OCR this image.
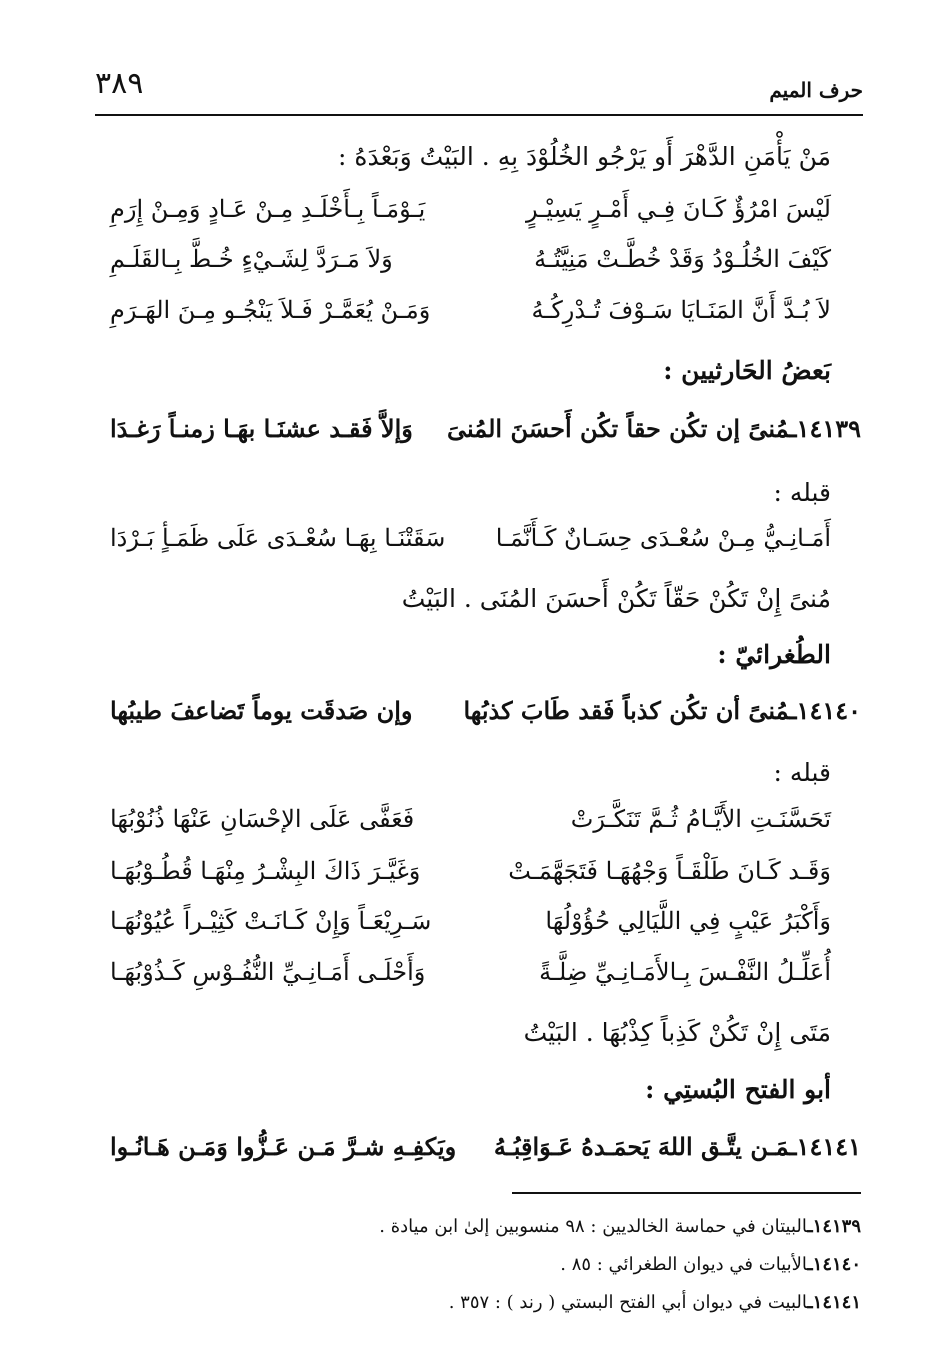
حرف الميم
٣٨٩
مَنْ يَأْمَنِ الدَّهْرَ أَو يَرْجُو الخُلُوْدَ بِهِ . البَيْتُ وَبَعْدَهُ :
لَيْسَ امْرُؤٌ كَـانَ فِـي أَمْـرٍ يَسِيْـرٍ
يَـوْمَـاً بِـأَخْلَـدِ مِـنْ عَـادٍ وَمِـنْ إِرَمِ
كَيْفَ الخُلُـوْدُ وَقَدْ خُطَّـتْ مَنِيَّتُـهُ
وَلاَ مَـرَدَّ لِشَـيْءٍ خُـطَّ بِـالقَلَـمِ
لاَ بُـدَّ أَنَّ المَنَـايَا سَـوْفَ تُـدْرِكُـهُ
وَمَـنْ يُعَمَّـرْ فَـلاَ يَنْجُـو مِـنَ الهَـرَمِ
بَعضُ الحَارثيين :
١٤١٣٩ـمُنىً إن تكُن حقاً تكُن أَحسَنَ المُنىَ
وَإلاَّ فَقـد عشنَـا بهَـا زمنـاً رَغـدَا
قبله :
أَمَـانِـيُّ مِـنْ سُعْـدَى حِسَـانٌ كَـأَنَّمَـا
سَقَتْنَـا بِهَـا سُعْـدَى عَلَى ظَمَـأٍ بَـرْدَا
مُنىً إِنْ تَكُنْ حَقّاً تَكُنْ أَحسَنَ المُنَى . البَيْتُ
الطُغرائيّ :
١٤١٤٠ـمُنىً أن تكُن كذباً فَقد طَابَ كذبُها
وإن صَدقَت يوماً تَضاعفَ طيبُها
قبله :
تَحَسَّنَـتِ الأَيَّـامُ ثُـمَّ تَنَكَّـرَتْ
فَعَفَّى عَلَى الإحْسَانِ عَنْهَا ذُنُوْبُهَا
وَقَـد كَـانَ طَلْقَـاً وَجْهُهَـا فَتَجَهَّمَـتْ
وَغَيَّـرَ ذَاكَ البِشْـرُ مِنْهَـا قُطُـوْبُهَـا
وَأَكْبَرُ عَيْبٍ فِي اللَّيَالِي حُؤُوْلُهَا
سَـرِيْعَـاً وَإِنْ كَـانَـتْ كَثِيْـراً عُيُوْنُهَـا
أُعَلِّـلُ النَّفْـسَ بِـالأَمَـانِـيِّ ضِلَّـةً
وَأَحْلَـى أَمَـانِـيِّ النُّفُـوْسِ كَـذُوْبُهَـا
مَتَى إِنْ تَكُنْ كَذِباً كِذْبُهَا . البَيْتُ
أبو الفتح البُستِي :
١٤١٤١ـمَـن يتَّـق اللهَ يَحمَـدهُ عَـوَاقِبُـهُ
ويَكفِـهِ شـرَّ مَـن عَـزُّوا وَمَـن هَـانُـوا
١٤١٣٩ـالبيتان في حماسة الخالديين : ٩٨ منسوبين إلىٰ ابن ميادة .
١٤١٤٠ـالأبيات في ديوان الطغرائي : ٨٥ .
١٤١٤١ـالبيت في ديوان أبي الفتح البستي ( رند ) : ٣٥٧ .
